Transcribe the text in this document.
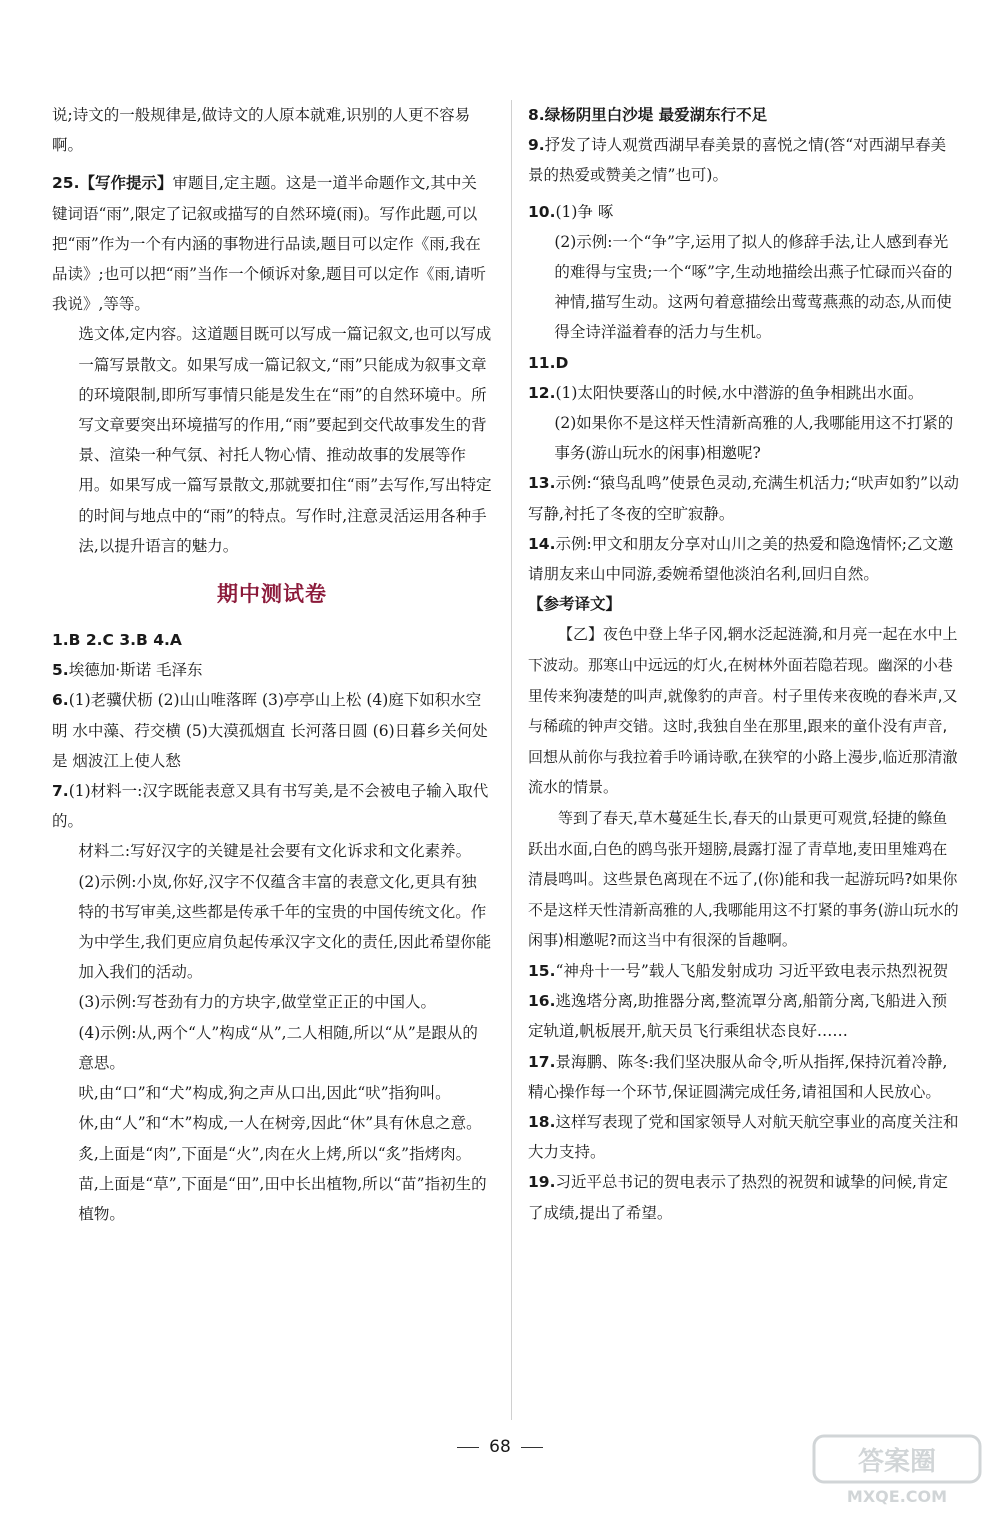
说;诗文的一般规律是,做诗文的人原本就难,识别的人更不容易啊。

25.【写作提示】审题目,定主题。这是一道半命题作文,其中关键词语“雨”,限定了记叙或描写的自然环境(雨)。写作此题,可以把“雨”作为一个有内涵的事物进行品读,题目可以定作《雨,我在品读》;也可以把“雨”当作一个倾诉对象,题目可以定作《雨,请听我说》,等等。

选文体,定内容。这道题目既可以写成一篇记叙文,也可以写成一篇写景散文。如果写成一篇记叙文,“雨”只能成为叙事文章的环境限制,即所写事情只能是发生在“雨”的自然环境中。所写文章要突出环境描写的作用,“雨”要起到交代故事发生的背景、渲染一种气氛、衬托人物心情、推动故事的发展等作用。如果写成一篇写景散文,那就要扣住“雨”去写作,写出特定的时间与地点中的“雨”的特点。写作时,注意灵活运用各种手法,以提升语言的魅力。

期中测试卷

1.B 2.C 3.B 4.A

5.埃德加·斯诺 毛泽东

6.(1)老骥伏枥 (2)山山唯落晖 (3)亭亭山上松 (4)庭下如积水空明 水中藻、荇交横 (5)大漠孤烟直 长河落日圆 (6)日暮乡关何处是 烟波江上使人愁

7.(1)材料一:汉字既能表意又具有书写美,是不会被电子输入取代的。

材料二:写好汉字的关键是社会要有文化诉求和文化素养。

(2)示例:小岚,你好,汉字不仅蕴含丰富的表意文化,更具有独特的书写审美,这些都是传承千年的宝贵的中国传统文化。作为中学生,我们更应肩负起传承汉字文化的责任,因此希望你能加入我们的活动。

(3)示例:写苍劲有力的方块字,做堂堂正正的中国人。

(4)示例:从,两个“人”构成“从”,二人相随,所以“从”是跟从的意思。

吠,由“口”和“犬”构成,狗之声从口出,因此“吠”指狗叫。

休,由“人”和“木”构成,一人在树旁,因此“休”具有休息之意。

炙,上面是“肉”,下面是“火”,肉在火上烤,所以“炙”指烤肉。

苗,上面是“草”,下面是“田”,田中长出植物,所以“苗”指初生的植物。

8.绿杨阴里白沙堤 最爱湖东行不足

9.抒发了诗人观赏西湖早春美景的喜悦之情(答“对西湖早春美景的热爱或赞美之情”也可)。

10.(1)争 啄

(2)示例:一个“争”字,运用了拟人的修辞手法,让人感到春光的难得与宝贵;一个“啄”字,生动地描绘出燕子忙碌而兴奋的神情,描写生动。这两句着意描绘出莺莺燕燕的动态,从而使得全诗洋溢着春的活力与生机。

11.D

12.(1)太阳快要落山的时候,水中潜游的鱼争相跳出水面。

(2)如果你不是这样天性清新高雅的人,我哪能用这不打紧的事务(游山玩水的闲事)相邀呢?

13.示例:“猿鸟乱鸣”使景色灵动,充满生机活力;“吠声如豹”以动写静,衬托了冬夜的空旷寂静。

14.示例:甲文和朋友分享对山川之美的热爱和隐逸情怀;乙文邀请朋友来山中同游,委婉希望他淡泊名利,回归自然。

【参考译文】

【乙】夜色中登上华子冈,辋水泛起涟漪,和月亮一起在水中上下波动。那寒山中远远的灯火,在树林外面若隐若现。幽深的小巷里传来狗凄楚的叫声,就像豹的声音。村子里传来夜晚的舂米声,又与稀疏的钟声交错。这时,我独自坐在那里,跟来的童仆没有声音,回想从前你与我拉着手吟诵诗歌,在狭窄的小路上漫步,临近那清澈流水的情景。

等到了春天,草木蔓延生长,春天的山景更可观赏,轻捷的鲦鱼跃出水面,白色的鸥鸟张开翅膀,晨露打湿了青草地,麦田里雉鸡在清晨鸣叫。这些景色离现在不远了,(你)能和我一起游玩吗?如果你不是这样天性清新高雅的人,我哪能用这不打紧的事务(游山玩水的闲事)相邀呢?而这当中有很深的旨趣啊。

15.“神舟十一号”载人飞船发射成功 习近平致电表示热烈祝贺

16.逃逸塔分离,助推器分离,整流罩分离,船箭分离,飞船进入预定轨道,帆板展开,航天员飞行乘组状态良好……

17.景海鹏、陈冬:我们坚决服从命令,听从指挥,保持沉着冷静,精心操作每一个环节,保证圆满完成任务,请祖国和人民放心。

18.这样写表现了党和国家领导人对航天航空事业的高度关注和大力支持。

19.习近平总书记的贺电表示了热烈的祝贺和诚挚的问候,肯定了成绩,提出了希望。

68	答案圈
MXQE.COM
